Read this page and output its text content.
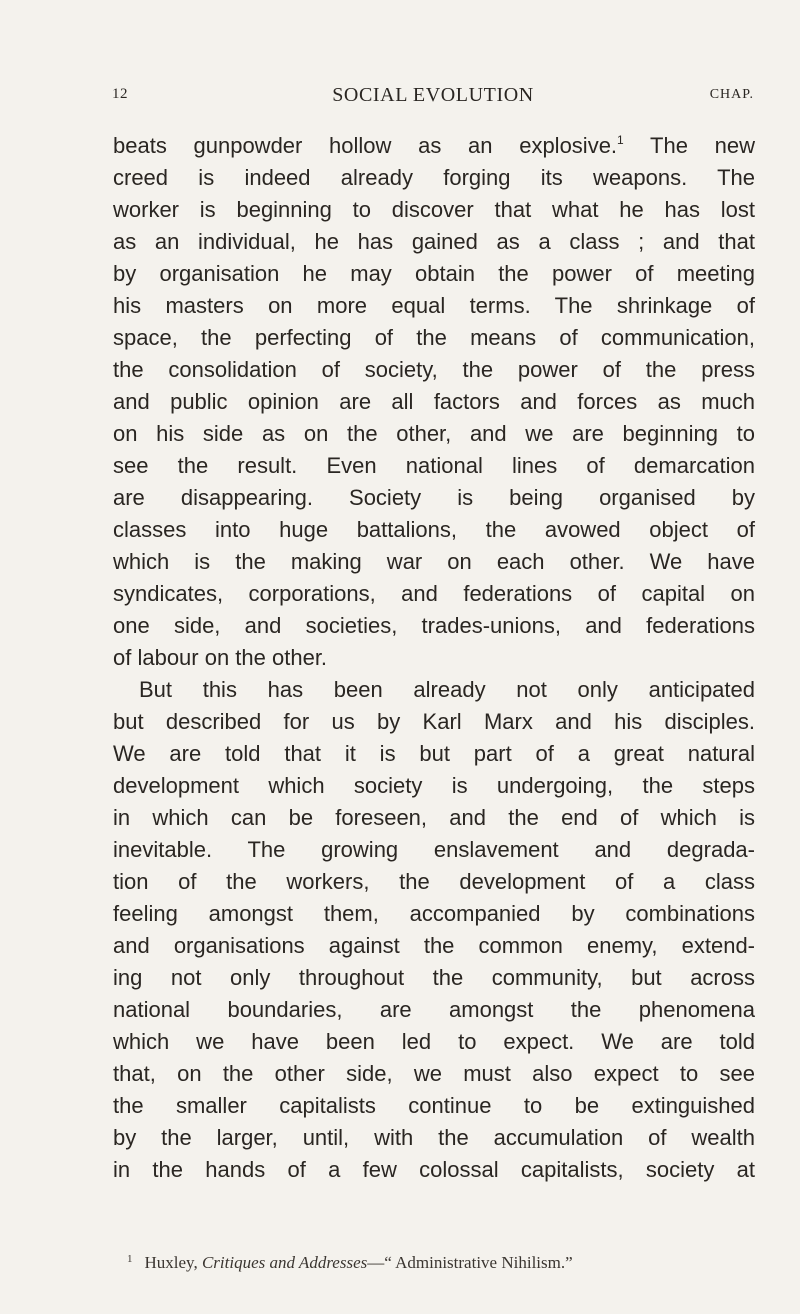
12	SOCIAL EVOLUTION	CHAP.
beats gunpowder hollow as an explosive.$^1$ The new
creed is indeed already forging its weapons. The
worker is beginning to discover that what he has lost
as an individual, he has gained as a class ; and that
by organisation he may obtain the power of meeting
his masters on more equal terms. The shrinkage of
space, the perfecting of the means of communication,
the consolidation of society, the power of the press
and public opinion are all factors and forces as much
on his side as on the other, and we are beginning to
see the result. Even national lines of demarcation
are disappearing. Society is being organised by
classes into huge battalions, the avowed object of
which is the making war on each other. We have
syndicates, corporations, and federations of capital on
one side, and societies, trades-unions, and federations
of labour on the other.
But this has been already not only anticipated
but described for us by Karl Marx and his disciples.
We are told that it is but part of a great natural
development which society is undergoing, the steps
in which can be foreseen, and the end of which is
inevitable. The growing enslavement and degrada-
tion of the workers, the development of a class
feeling amongst them, accompanied by combinations
and organisations against the common enemy, extend-
ing not only throughout the community, but across
national boundaries, are amongst the phenomena
which we have been led to expect. We are told
that, on the other side, we must also expect to see
the smaller capitalists continue to be extinguished
by the larger, until, with the accumulation of wealth
in the hands of a few colossal capitalists, society at
$^1$ Huxley, Critiques and Addresses—“ Administrative Nihilism.”
